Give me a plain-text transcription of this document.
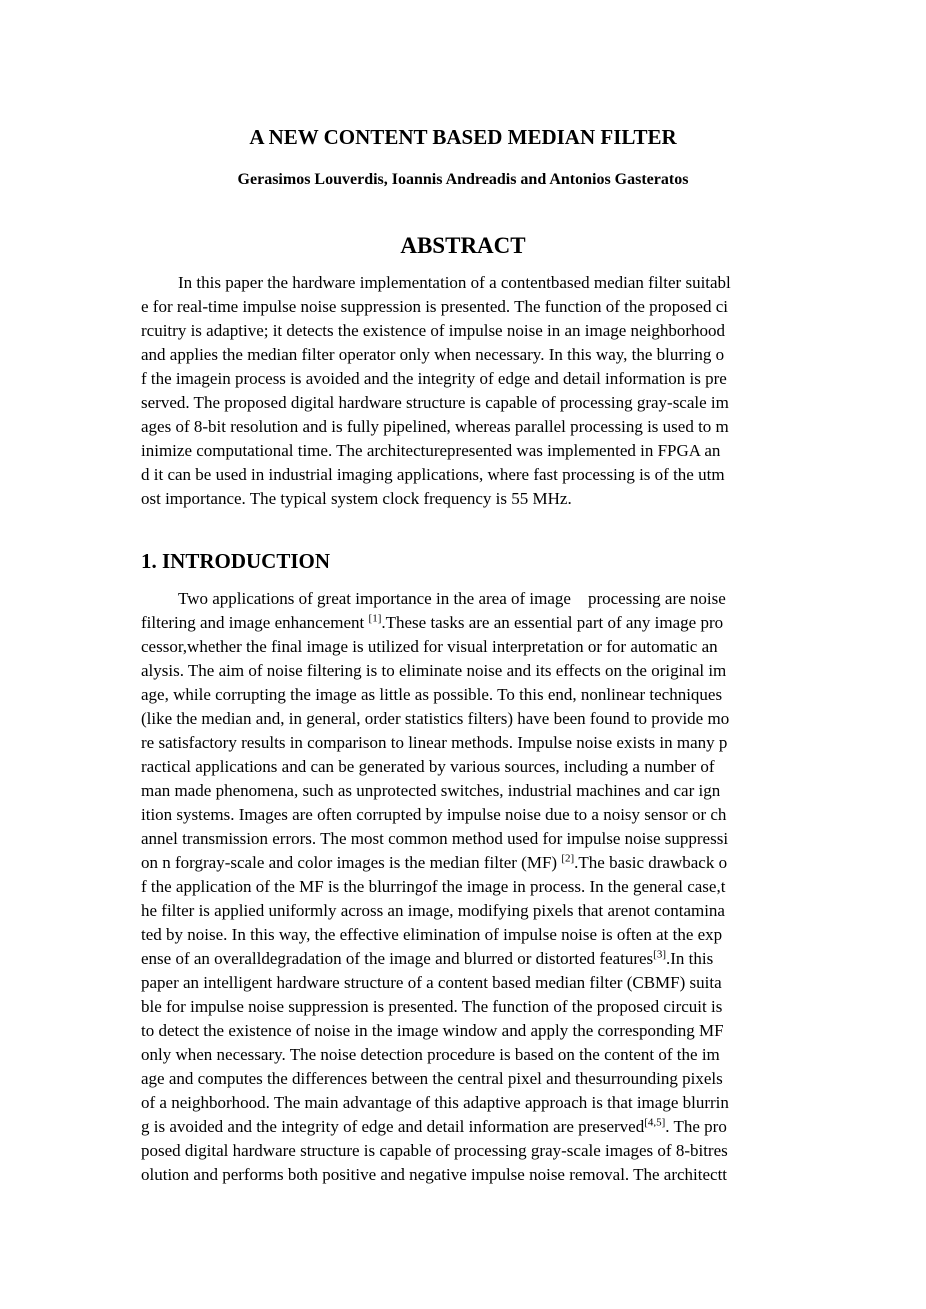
A NEW CONTENT BASED MEDIAN FILTER
Gerasimos Louverdis, Ioannis Andreadis and Antonios Gasteratos
ABSTRACT
In this paper the hardware implementation of a contentbased median filter suitabl
e for real-time impulse noise suppression is presented. The function of the proposed ci
rcuitry is adaptive; it detects the existence of impulse noise in an image neighborhood
and applies the median filter operator only when necessary. In this way, the blurring o
f the imagein process is avoided and the integrity of edge and detail information is pre
served. The proposed digital hardware structure is capable of processing gray-scale im
ages of 8-bit resolution and is fully pipelined, whereas parallel processing is used to m
inimize computational time. The architecturepresented was implemented in FPGA an
d it can be used in industrial imaging applications, where fast processing is of the utm
ost importance. The typical system clock frequency is 55 MHz.
1. INTRODUCTION
Two applications of great importance in the area of image    processing are noise
filtering and image enhancement [1].These tasks are an essential part of any image pro
cessor,whether the final image is utilized for visual interpretation or for automatic an
alysis. The aim of noise filtering is to eliminate noise and its effects on the original im
age, while corrupting the image as little as possible. To this end, nonlinear techniques
(like the median and, in general, order statistics filters) have been found to provide mo
re satisfactory results in comparison to linear methods. Impulse noise exists in many p
ractical applications and can be generated by various sources, including a number of
man made phenomena, such as unprotected switches, industrial machines and car ign
ition systems. Images are often corrupted by impulse noise due to a noisy sensor or ch
annel transmission errors. The most common method used for impulse noise suppressi
on n forgray-scale and color images is the median filter (MF) [2].The basic drawback o
f the application of the MF is the blurringof the image in process. In the general case,t
he filter is applied uniformly across an image, modifying pixels that arenot contamina
ted by noise. In this way, the effective elimination of impulse noise is often at the exp
ense of an overalldegradation of the image and blurred or distorted features[3].In this
paper an intelligent hardware structure of a content based median filter (CBMF) suita
ble for impulse noise suppression is presented. The function of the proposed circuit is
to detect the existence of noise in the image window and apply the corresponding MF
only when necessary. The noise detection procedure is based on the content of the im
age and computes the differences between the central pixel and thesurrounding pixels
of a neighborhood. The main advantage of this adaptive approach is that image blurrin
g is avoided and the integrity of edge and detail information are preserved[4,5]. The pro
posed digital hardware structure is capable of processing gray-scale images of 8-bitres
olution and performs both positive and negative impulse noise removal. The architectt
